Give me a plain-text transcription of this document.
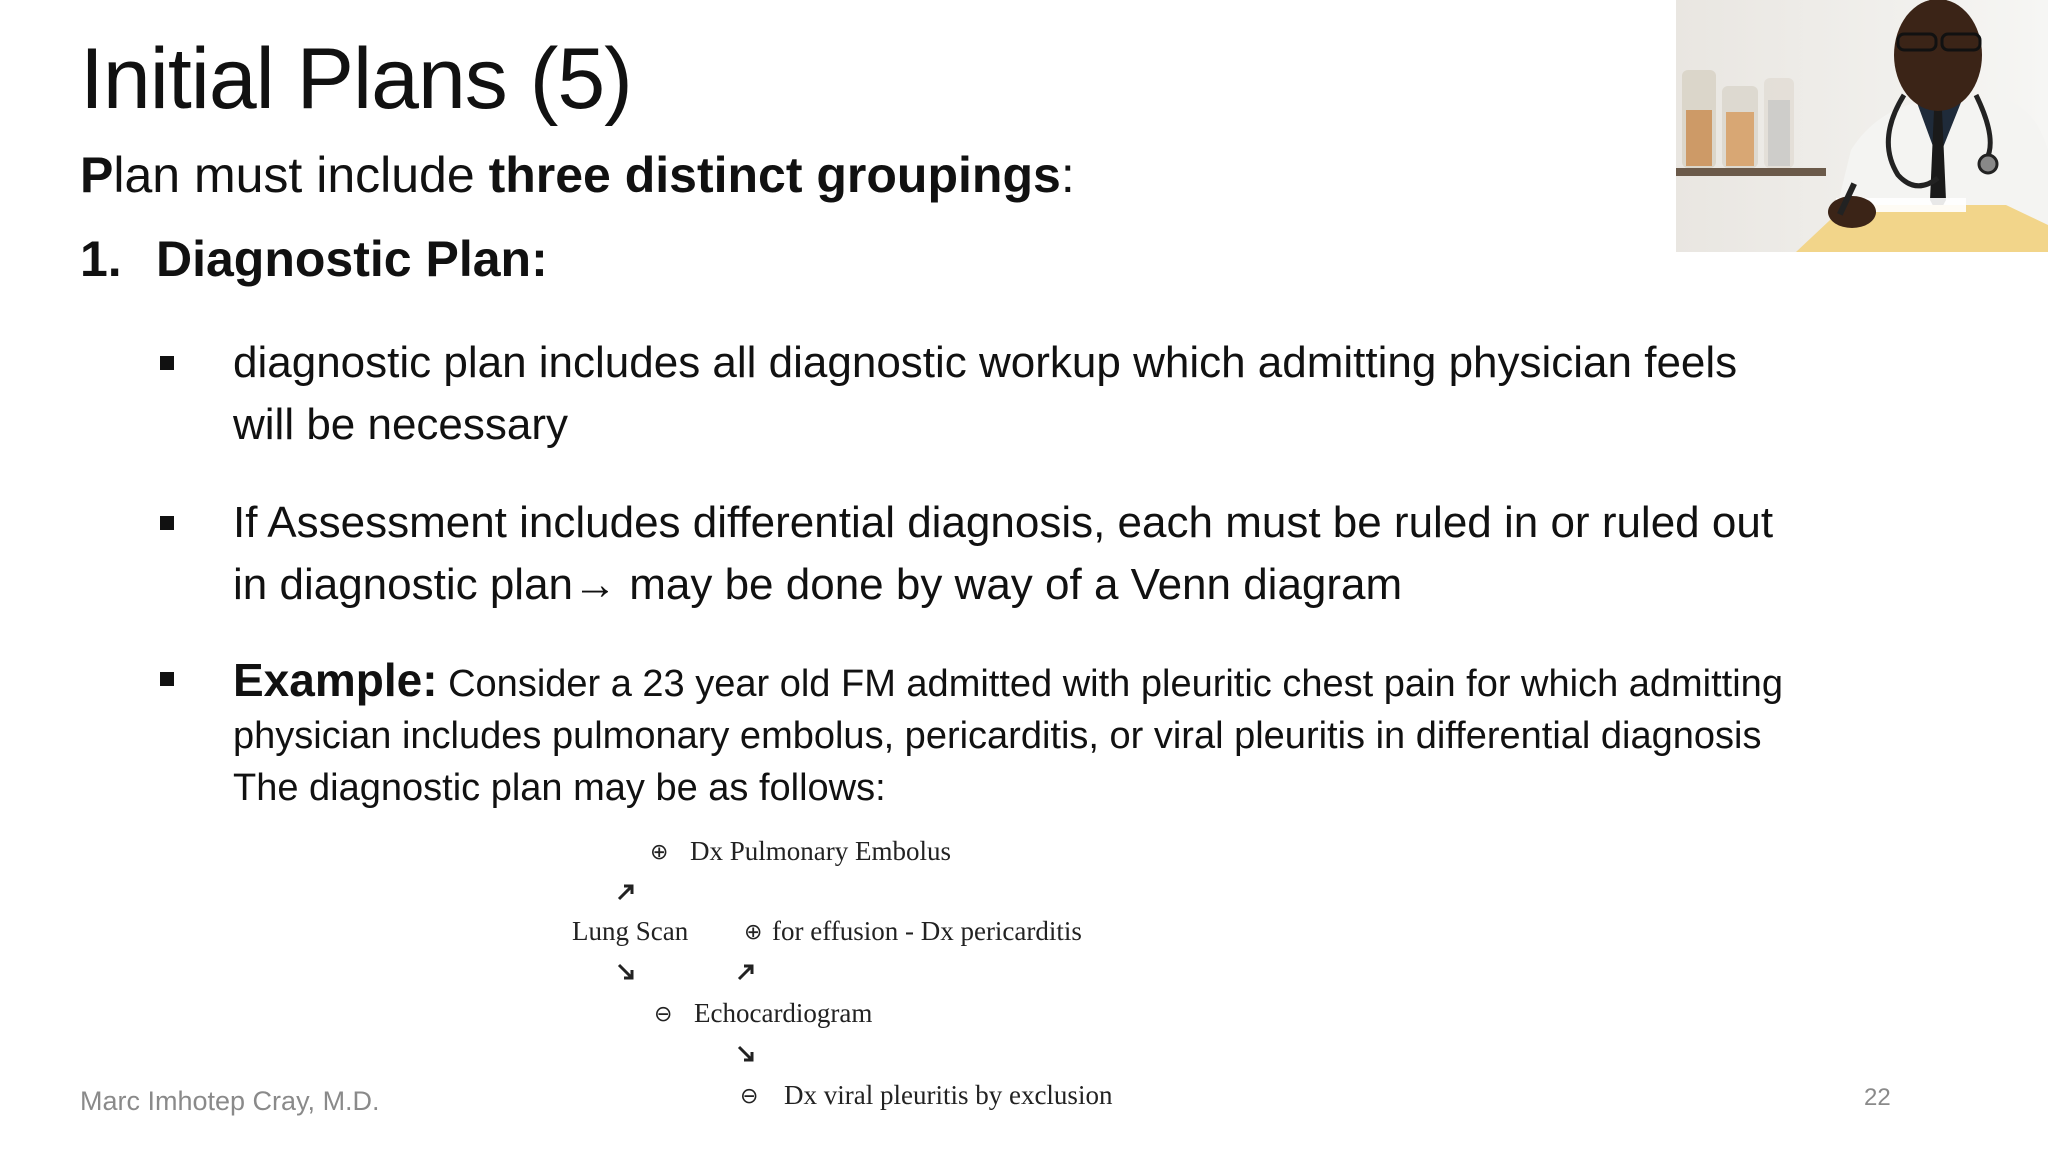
Initial Plans (5)

Plan must include three distinct groupings:

1. Diagnostic Plan:

diagnostic plan includes all diagnostic workup which admitting physician feels will be necessary
If Assessment includes differential diagnosis, each must be ruled in or ruled out in diagnostic plan→ may be done by way of a Venn diagram
Example: Consider a 23 year old FM admitted with pleuritic chest pain for which admitting physician includes pulmonary embolus, pericarditis, or viral pleuritis in differential diagnosis The diagnostic plan may be as follows:
⊕ Dx Pulmonary Embolus
Lung Scan	⊕ for effusion - Dx pericarditis
⊖ Echocardiogram
⊖ Dx viral pleuritis by exclusion
Marc Imhotep Cray, M.D.	22
